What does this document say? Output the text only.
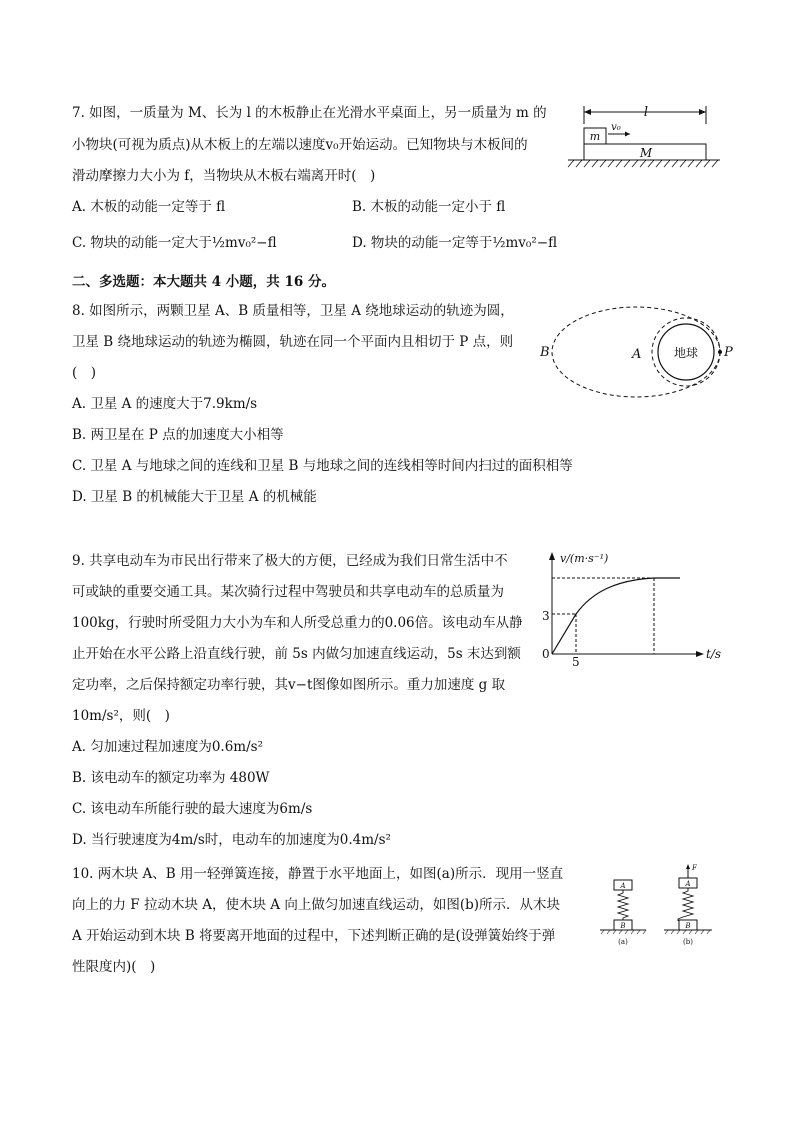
7. 如图，一质量为 M、长为 l 的木板静止在光滑水平桌面上，另一质量为 m 的
小物块(可视为质点)从木板上的左端以速度v₀开始运动。已知物块与木板间的
滑动摩擦力大小为 f，当物块从木板右端离开时(　)
A. 木板的动能一定等于 fl	B. 木板的动能一定小于 fl
C. 物块的动能一定大于½mv₀²−fl	D. 物块的动能一定等于½mv₀²−fl
l
m
v₀
M
二、多选题：本大题共 4 小题，共 16 分。
8. 如图所示，两颗卫星 A、B 质量相等，卫星 A 绕地球运动的轨迹为圆，
卫星 B 绕地球运动的轨迹为椭圆，轨迹在同一个平面内且相切于 P 点，则
(　)
A. 卫星 A 的速度大于7.9km/s
B. 两卫星在 P 点的加速度大小相等
C. 卫星 A 与地球之间的连线和卫星 B 与地球之间的连线相等时间内扫过的面积相等
D. 卫星 B 的机械能大于卫星 A 的机械能
地球
B	A	P
9. 共享电动车为市民出行带来了极大的方便，已经成为我们日常生活中不
可或缺的重要交通工具。某次骑行过程中驾驶员和共享电动车的总质量为
100kg，行驶时所受阻力大小为车和人所受总重力的0.06倍。该电动车从静
止开始在水平公路上沿直线行驶，前 5s 内做匀加速直线运动，5s 末达到额
定功率，之后保持额定功率行驶，其v−t图像如图所示。重力加速度 g 取
10m/s²，则(　)
A. 匀加速过程加速度为0.6m/s²
B. 该电动车的额定功率为 480W
C. 该电动车所能行驶的最大速度为6m/s
D. 当行驶速度为4m/s时，电动车的加速度为0.4m/s²
v/(m·s⁻¹)
t/s
0
3
5
10. 两木块 A、B 用一轻弹簧连接，静置于水平地面上，如图(a)所示．现用一竖直
向上的力 F 拉动木块 A，使木块 A 向上做匀加速直线运动，如图(b)所示．从木块
A 开始运动到木块 B 将要离开地面的过程中，下述判断正确的是(设弹簧始终于弹
性限度内)(　)
A
B
(a)
F
A
B
(b)
